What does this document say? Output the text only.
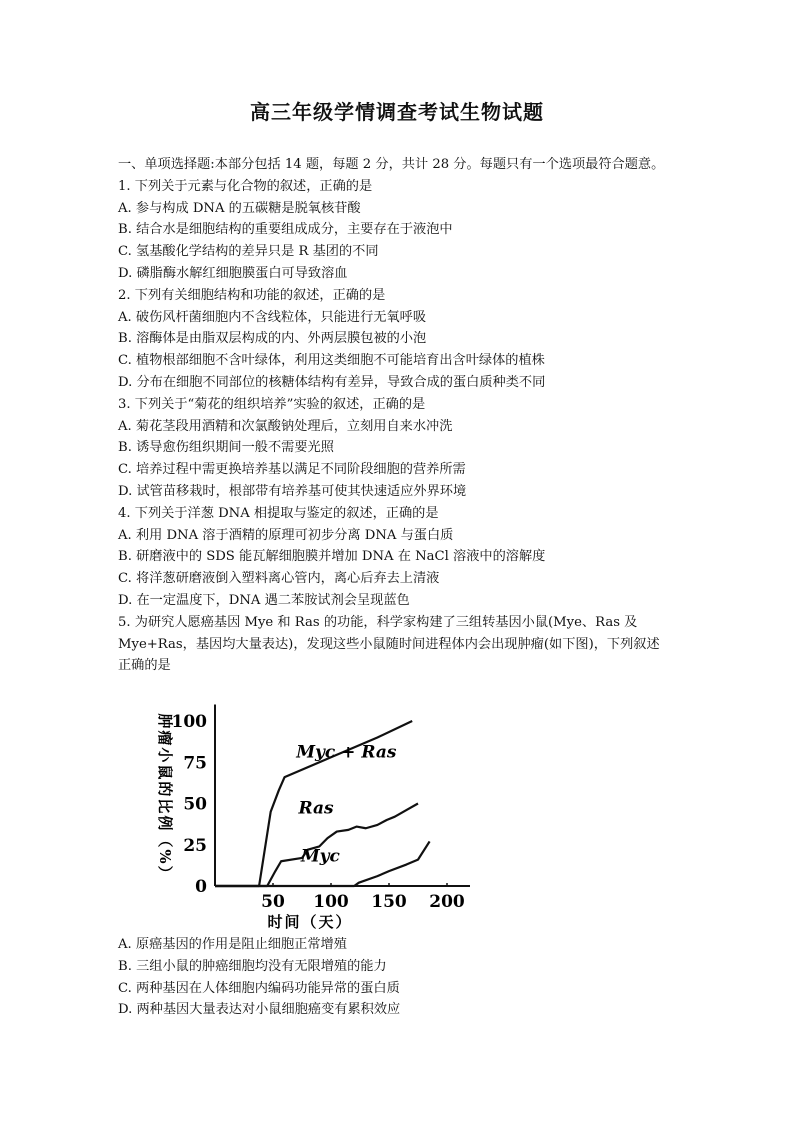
高三年级学情调查考试生物试题
一、单项选择题:本部分包括 14 题，每题 2 分，共计 28 分。每题只有一个选项最符合题意。
1. 下列关于元素与化合物的叙述，正确的是
A. 参与构成 DNA 的五碳糖是脱氧核苷酸
B. 结合水是细胞结构的重要组成成分，主要存在于液泡中
C. 氢基酸化学结构的差异只是 R 基团的不同
D. 磷脂酶水解红细胞膜蛋白可导致溶血
2. 下列有关细胞结构和功能的叙述，正确的是
A. 破伤风杆菌细胞内不含线粒体，只能进行无氧呼吸
B. 溶酶体是由脂双层构成的内、外两层膜包被的小泡
C. 植物根部细胞不含叶绿体，利用这类细胞不可能培育出含叶绿体的植株
D. 分布在细胞不同部位的核糖体结构有差异，导致合成的蛋白质种类不同
3. 下列关于“菊花的组织培养”实验的叙述，正确的是
A. 菊花茎段用酒精和次氯酸钠处理后，立刻用自来水冲洗
B. 诱导愈伤组织期间一般不需要光照
C. 培养过程中需更换培养基以满足不同阶段细胞的营养所需
D. 试管苗移栽时，根部带有培养基可使其快速适应外界环境
4. 下列关于洋葱 DNA 相提取与鉴定的叙述，正确的是
A. 利用 DNA 溶于酒精的原理可初步分离 DNA 与蛋白质
B. 研磨液中的 SDS 能瓦解细胞膜并增加 DNA 在 NaCl 溶液中的溶解度
C. 将洋葱研磨液倒入塑料离心管内，离心后弃去上清液
D. 在一定温度下，DNA 遇二苯胺试剂会呈现蓝色
5. 为研究人愿癌基因 Mye 和 Ras 的功能，科学家构建了三组转基因小鼠(Mye、Ras 及
Mye+Ras，基因均大量表达)，发现这些小鼠随时间进程体内会出现肿瘤(如下图)，下列叙述
正确的是
肿瘤小鼠的比例（%）
0
25
50
75
100
50 100 150 200
Myc + Ras
Ras
Myc
时间（天）
A. 原癌基因的作用是阻止细胞正常增殖
B. 三组小鼠的肿癌细胞均没有无限增殖的能力
C. 两种基因在人体细胞内编码功能异常的蛋白质
D. 两种基因大量表达对小鼠细胞癌变有累积效应
